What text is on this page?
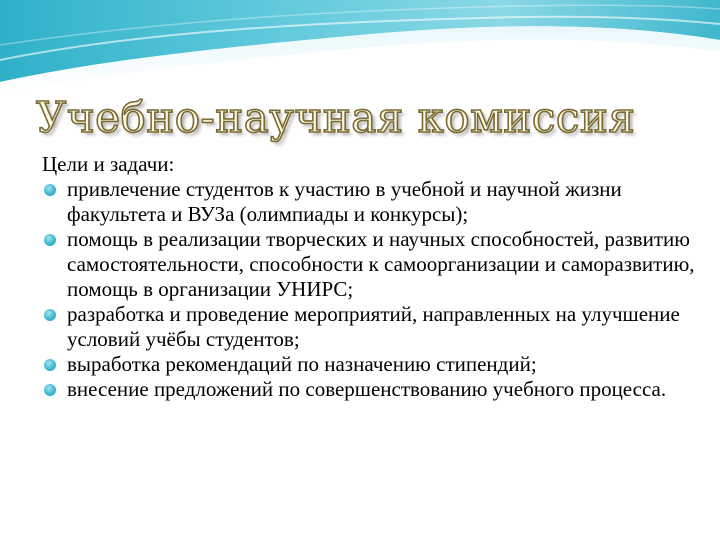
Учебно-научная комиссия

Цели и задачи:

привлечение студентов к участию в учебной и научной жизни факультета и ВУЗа (олимпиады и конкурсы);
помощь в реализации творческих и научных способностей, развитию самостоятельности, способности к самоорганизации и саморазвитию, помощь в организации УНИРС;
разработка и проведение мероприятий, направленных на улучшение условий учёбы студентов;
выработка рекомендаций по назначению стипендий;
внесение предложений по совершенствованию учебного процесса.
